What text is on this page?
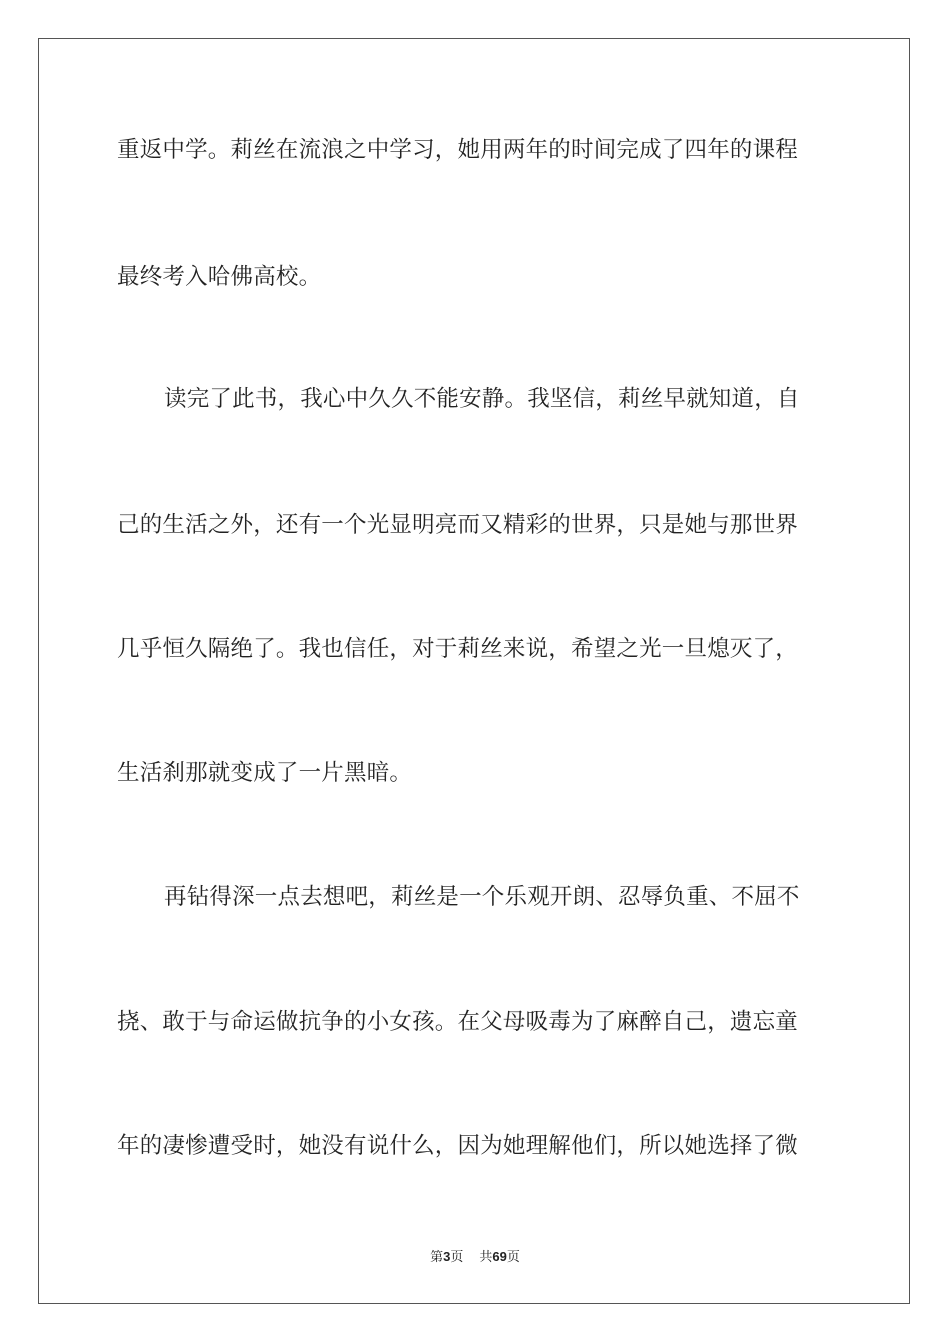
重返中学。莉丝在流浪之中学习，她用两年的时间完成了四年的课程
最终考入哈佛高校。
读完了此书，我心中久久不能安静。我坚信，莉丝早就知道，自
己的生活之外，还有一个光显明亮而又精彩的世界，只是她与那世界
几乎恒久隔绝了。我也信任，对于莉丝来说，希望之光一旦熄灭了，
生活刹那就变成了一片黑暗。
再钻得深一点去想吧，莉丝是一个乐观开朗、忍辱负重、不屈不
挠、敢于与命运做抗争的小女孩。在父母吸毒为了麻醉自己，遗忘童
年的凄惨遭受时，她没有说什么，因为她理解他们，所以她选择了微
第3页 共69页
